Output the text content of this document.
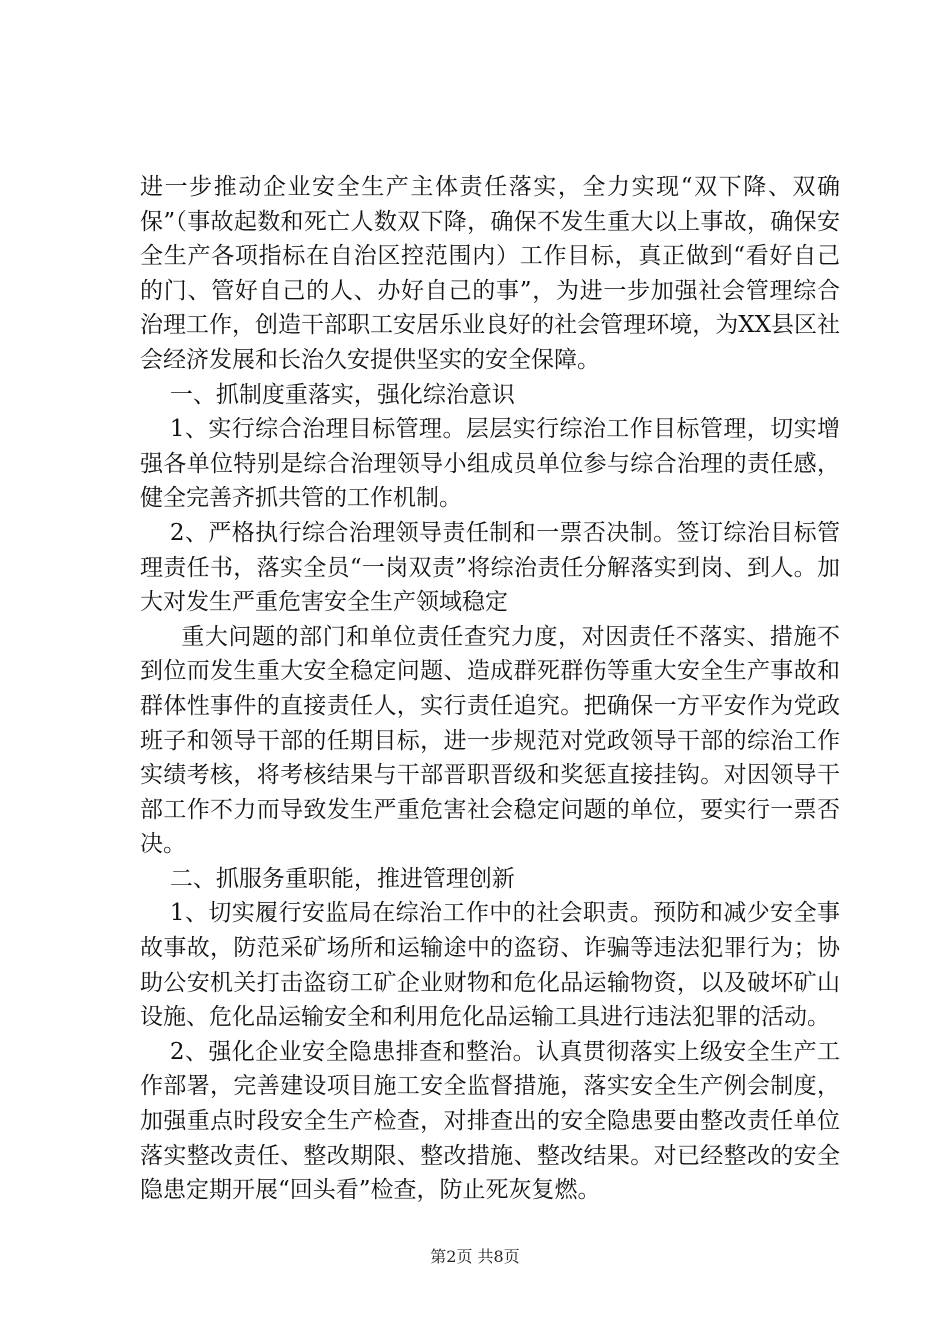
进一步推动企业安全生产主体责任落实，全力实现“双下降、双确保”（事故起数和死亡人数双下降，确保不发生重大以上事故，确保安全生产各项指标在自治区控范围内）工作目标，真正做到“看好自己的门、管好自己的人、办好自己的事”，为进一步加强社会管理综合治理工作，创造干部职工安居乐业良好的社会管理环境，为XX县区社会经济发展和长治久安提供坚实的安全保障。

一、抓制度重落实，强化综治意识

1、实行综合治理目标管理。层层实行综治工作目标管理，切实增强各单位特别是综合治理领导小组成员单位参与综合治理的责任感，健全完善齐抓共管的工作机制。

2、严格执行综合治理领导责任制和一票否决制。签订综治目标管理责任书，落实全员“一岗双责”将综治责任分解落实到岗、到人。加大对发生严重危害安全生产领域稳定

重大问题的部门和单位责任查究力度，对因责任不落实、措施不到位而发生重大安全稳定问题、造成群死群伤等重大安全生产事故和群体性事件的直接责任人，实行责任追究。把确保一方平安作为党政班子和领导干部的任期目标，进一步规范对党政领导干部的综治工作实绩考核，将考核结果与干部晋职晋级和奖惩直接挂钩。对因领导干部工作不力而导致发生严重危害社会稳定问题的单位，要实行一票否决。

二、抓服务重职能，推进管理创新

1、切实履行安监局在综治工作中的社会职责。预防和减少安全事故事故，防范采矿场所和运输途中的盗窃、诈骗等违法犯罪行为；协助公安机关打击盗窃工矿企业财物和危化品运输物资，以及破坏矿山设施、危化品运输安全和利用危化品运输工具进行违法犯罪的活动。

2、强化企业安全隐患排查和整治。认真贯彻落实上级安全生产工作部署，完善建设项目施工安全监督措施，落实安全生产例会制度，加强重点时段安全生产检查，对排查出的安全隐患要由整改责任单位落实整改责任、整改期限、整改措施、整改结果。对已经整改的安全隐患定期开展“回头看”检查，防止死灰复燃。

第2页 共8页
